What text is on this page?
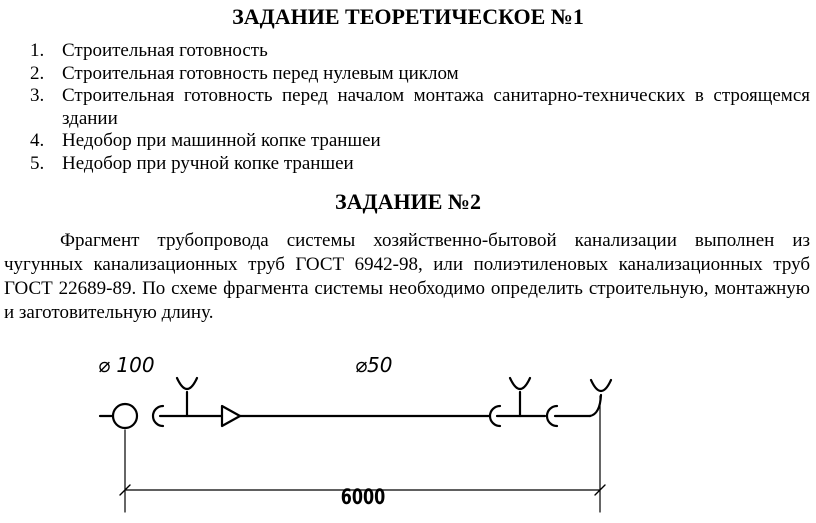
ЗАДАНИЕ ТЕОРЕТИЧЕСКОЕ №1
1. Строительная готовность
2. Строительная готовность перед нулевым циклом
3. Строительная готовность перед началом монтажа санитарно-технических в строящемся здании
4. Недобор при машинной копке траншеи
5. Недобор при ручной копке траншеи
ЗАДАНИЕ №2

Фрагмент трубопровода системы хозяйственно-бытовой канализации выполнен из чугунных канализационных труб ГОСТ 6942-98, или полиэтиленовых канализационных труб ГОСТ 22689-89. По схеме фрагмента системы необходимо определить строительную, монтажную и заготовительную длину.

⌀ 100	⌀50
6000
